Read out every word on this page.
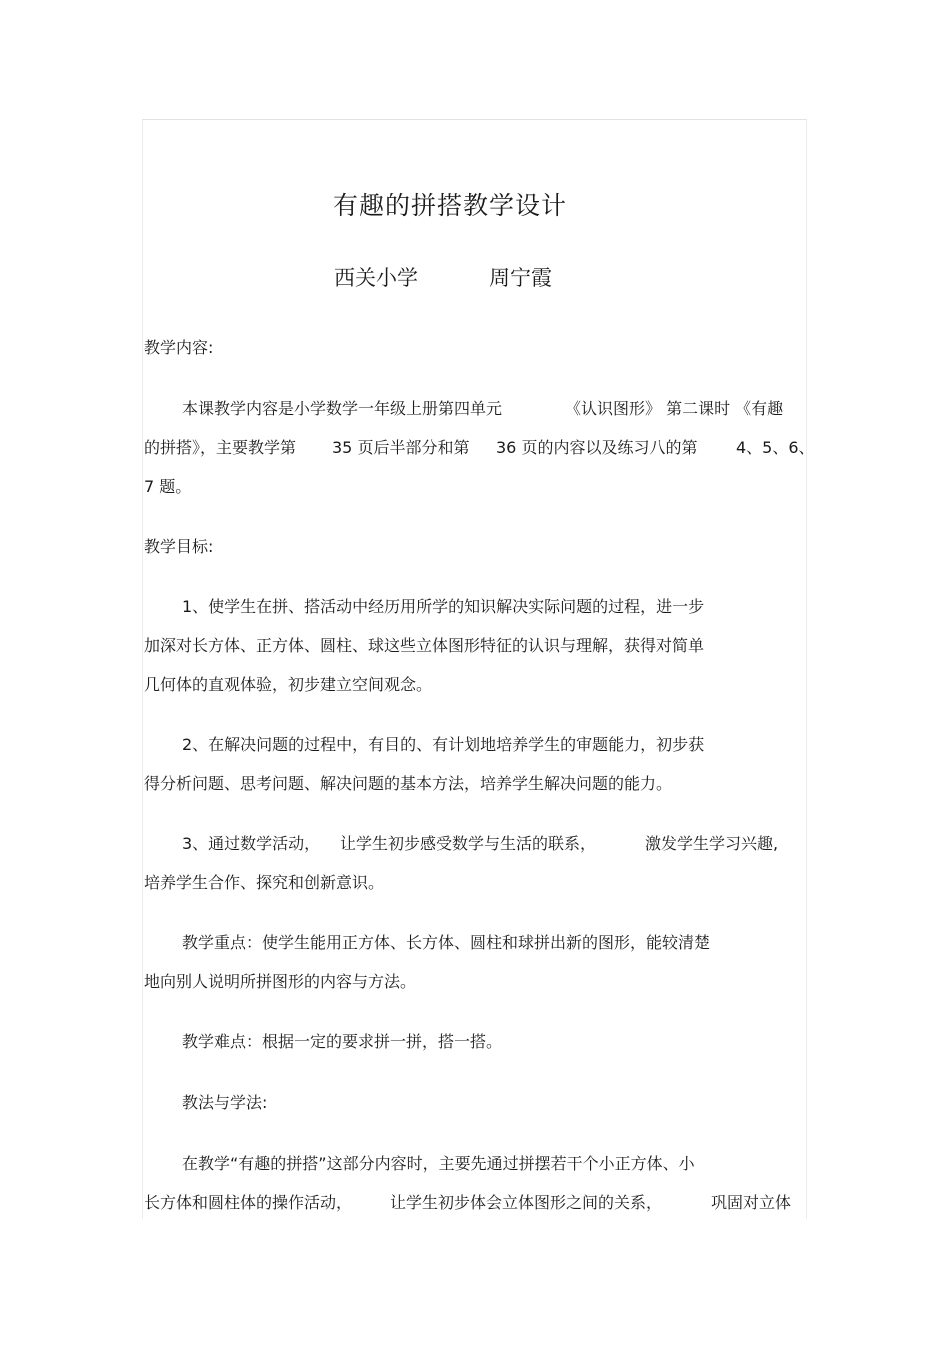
有趣的拼搭教学设计
西关小学	周宁霞
教学内容:
本课教学内容是小学数学一年级上册第四单元	《认识图形》 第二课时 《有趣
的拼搭》，主要教学第 35 页后半部分和第 36 页的内容以及练习八的第 4、5、6、
7 题。
教学目标:
1、使学生在拼、搭活动中经历用所学的知识解决实际问题的过程，进一步
加深对长方体、正方体、圆柱、球这些立体图形特征的认识与理解，获得对简单
几何体的直观体验，初步建立空间观念。
2、在解决问题的过程中，有目的、有计划地培养学生的审题能力，初步获
得分析问题、思考问题、解决问题的基本方法，培养学生解决问题的能力。
3、通过数学活动， 让学生初步感受数学与生活的联系，	激发学生学习兴趣,
培养学生合作、探究和创新意识。
教学重点：使学生能用正方体、长方体、圆柱和球拼出新的图形，能较清楚
地向别人说明所拼图形的内容与方法。
教学难点：根据一定的要求拼一拼，搭一搭。
教法与学法:
在教学“有趣的拼搭”这部分内容时，主要先通过拼摆若干个小正方体、小
长方体和圆柱体的操作活动， 让学生初步体会立体图形之间的关系，	巩固对立体
